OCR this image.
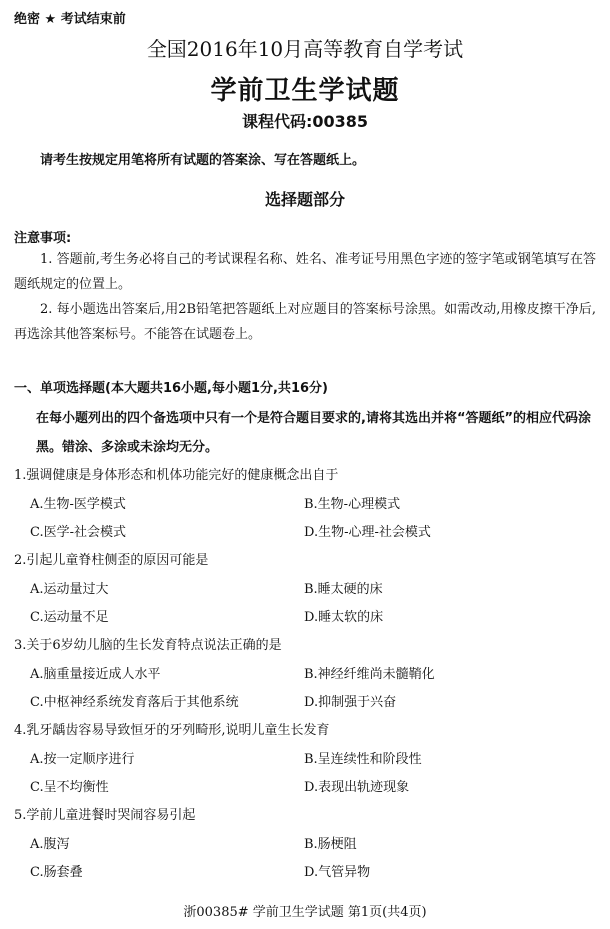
绝密 ★ 考试结束前
全国2016年10月高等教育自学考试
学前卫生学试题
课程代码:00385
请考生按规定用笔将所有试题的答案涂、写在答题纸上。
选择题部分
注意事项:
1. 答题前,考生务必将自己的考试课程名称、姓名、准考证号用黑色字迹的签字笔或钢笔填写在答题纸规定的位置上。
2. 每小题选出答案后,用2B铅笔把答题纸上对应题目的答案标号涂黑。如需改动,用橡皮擦干净后,再选涂其他答案标号。不能答在试题卷上。
一、单项选择题(本大题共16小题,每小题1分,共16分)
在每小题列出的四个备选项中只有一个是符合题目要求的,请将其选出并将“答题纸”的相应代码涂黑。错涂、多涂或未涂均无分。
1.强调健康是身体形态和机体功能完好的健康概念出自于
A.生物-医学模式	B.生物-心理模式
C.医学-社会模式	D.生物-心理-社会模式
2.引起儿童脊柱侧歪的原因可能是
A.运动量过大	B.睡太硬的床
C.运动量不足	D.睡太软的床
3.关于6岁幼儿脑的生长发育特点说法正确的是
A.脑重量接近成人水平	B.神经纤维尚未髓鞘化
C.中枢神经系统发育落后于其他系统	D.抑制强于兴奋
4.乳牙龋齿容易导致恒牙的牙列畸形,说明儿童生长发育
A.按一定顺序进行	B.呈连续性和阶段性
C.呈不均衡性	D.表现出轨迹现象
5.学前儿童进餐时哭闹容易引起
A.腹泻	B.肠梗阻
C.肠套叠	D.气管异物
浙00385# 学前卫生学试题 第1页(共4页)
